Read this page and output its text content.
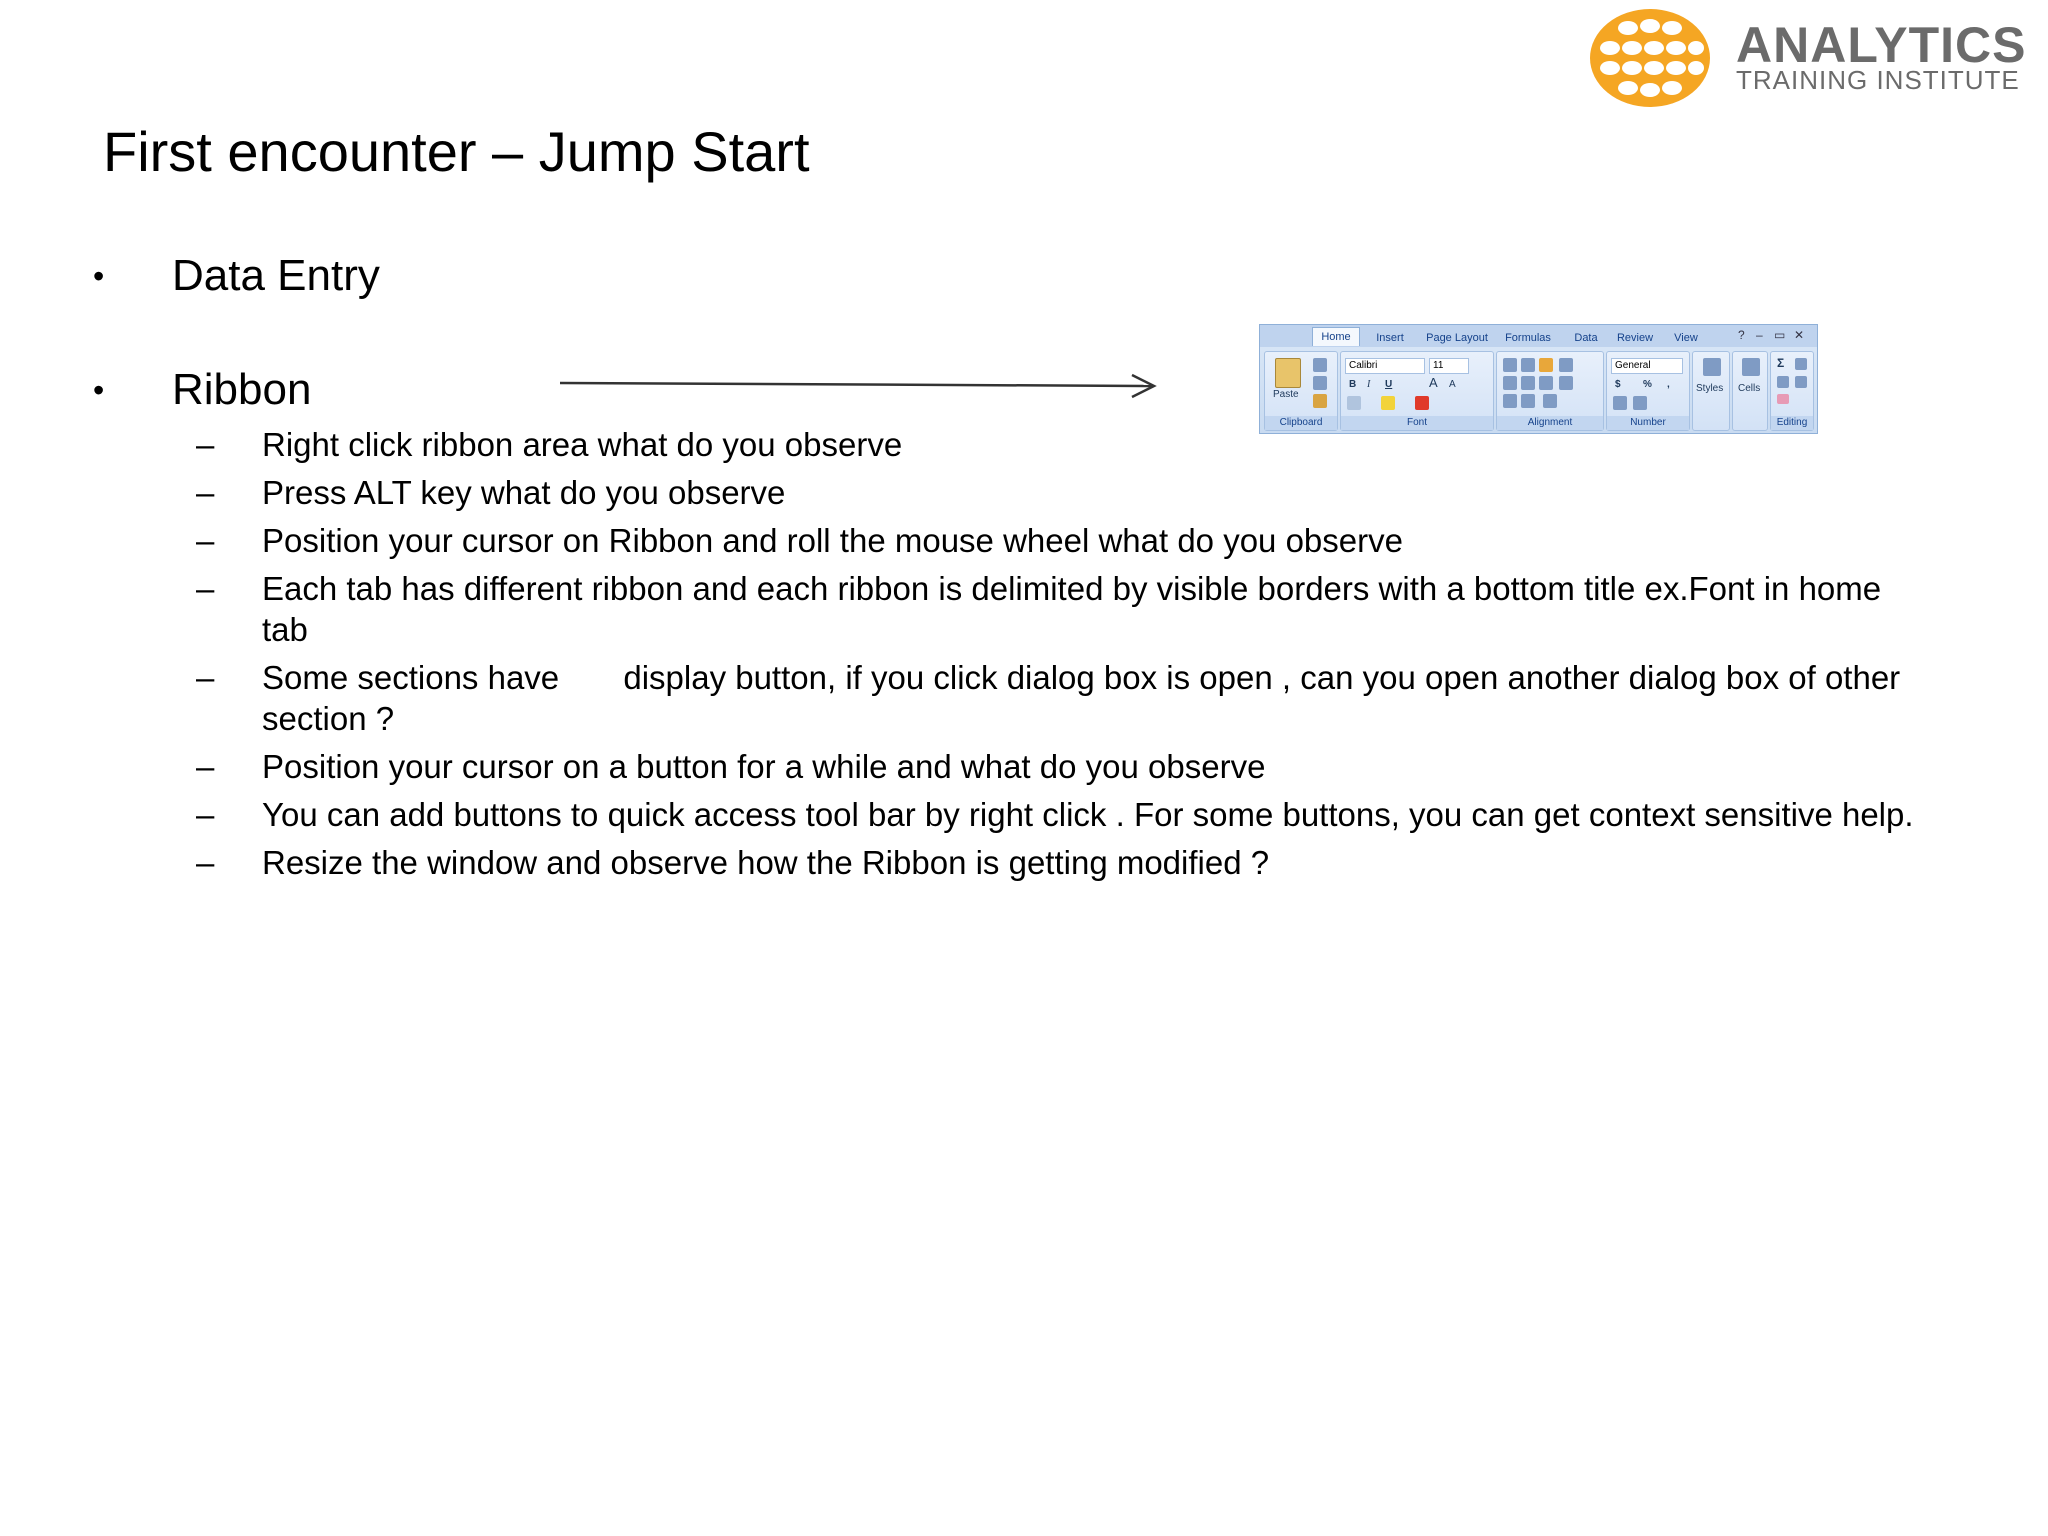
ANALYTICS
TRAINING INSTITUTE
First encounter – Jump Start
• Data Entry
• Ribbon
Home	Insert	Page Layout	Formulas	Data	Review	View	? – ▭ ✕
Paste
Clipboard
Calibri	11
B I U	A A
Font	Alignment
General
$ % ,
Number
Styles Cells
Σ
Editing
– Right click ribbon area what do you observe
– Press ALT key what do you observe
– Position your cursor on Ribbon and roll the mouse wheel what do you observe
– Each tab has different ribbon and each ribbon is delimited by visible borders with a bottom title ex.Font in home tab
– Some sections have       display button, if you click dialog box is open , can you open another dialog box of other section ?
– Position your cursor on a button for a while and what do you observe
– You can add buttons to quick access tool bar by right click . For some buttons, you can get context sensitive help.
– Resize the window and observe how the Ribbon is getting modified ?
